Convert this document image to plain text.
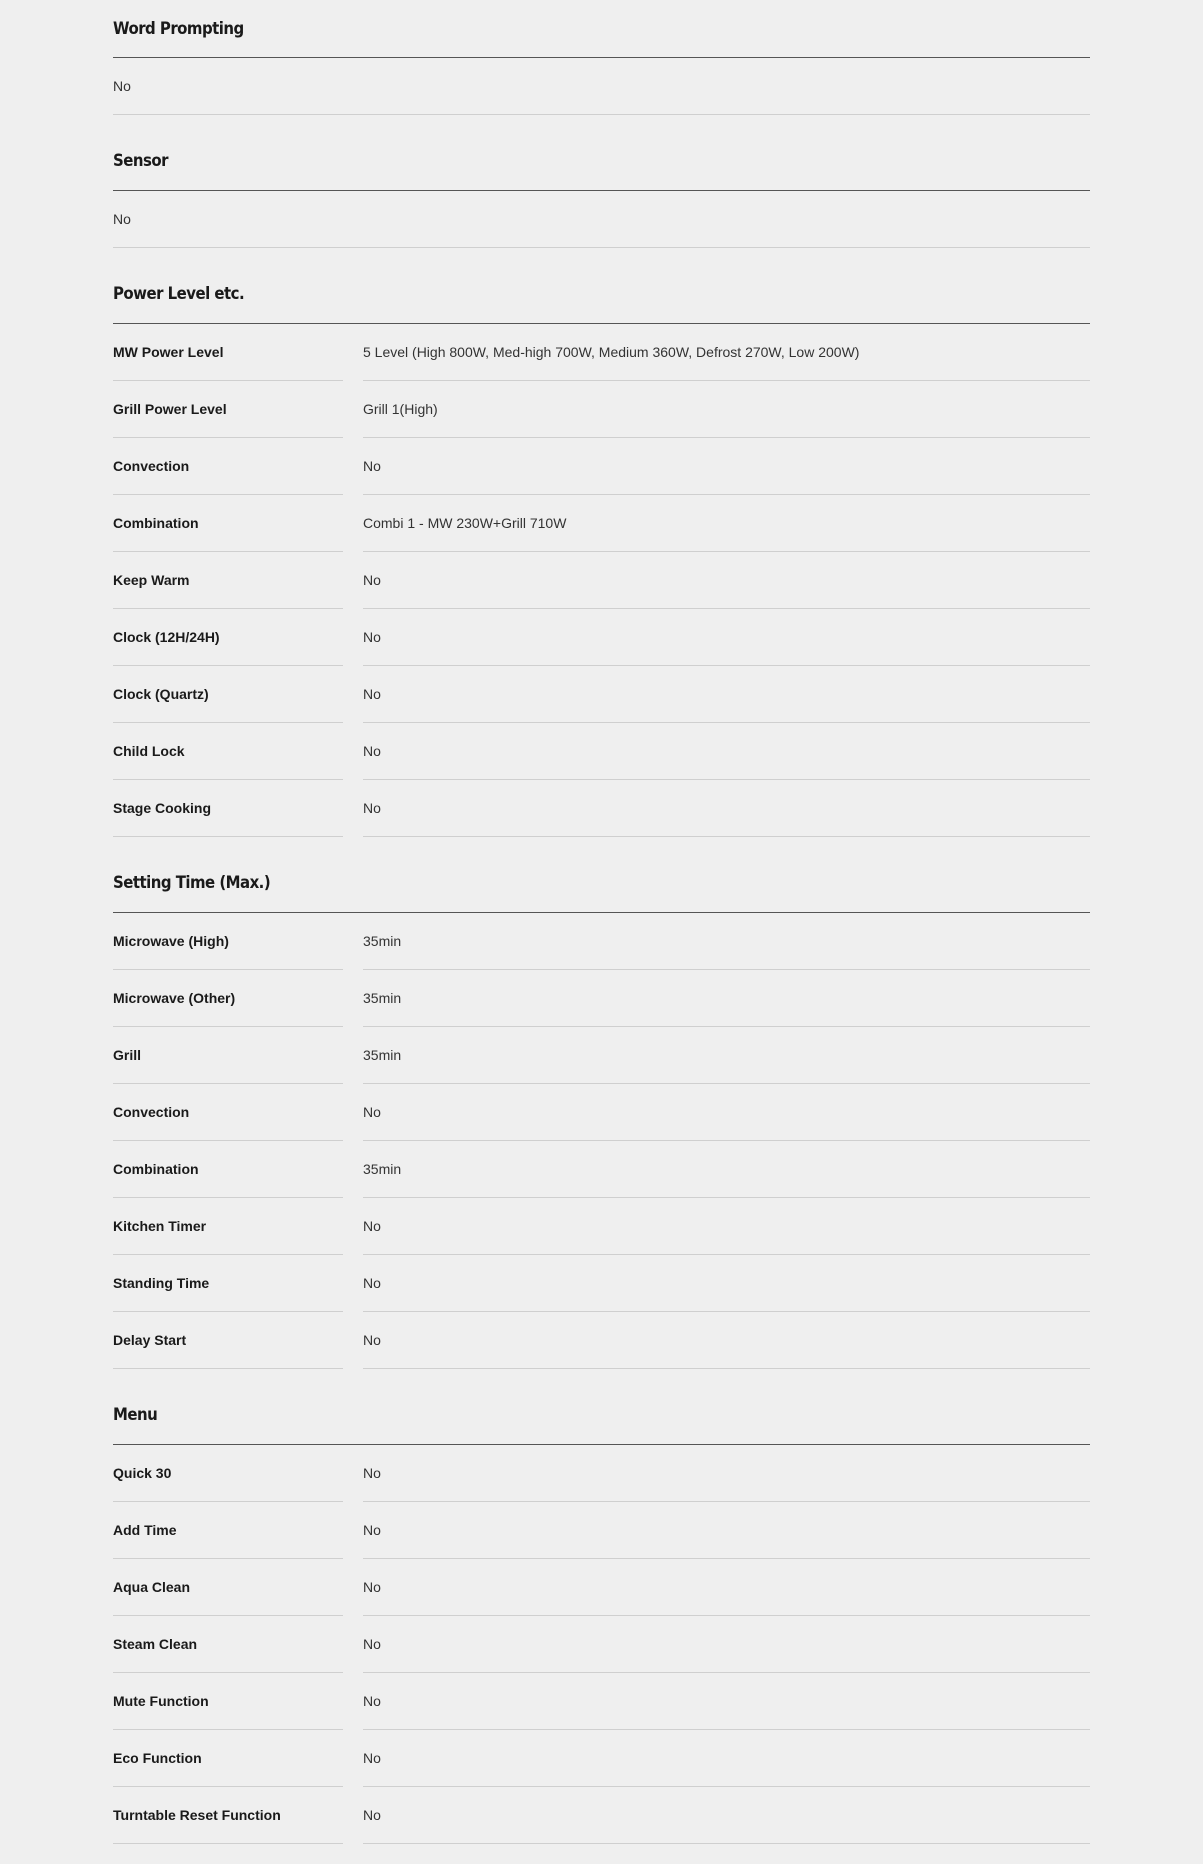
Word Prompting
No
Sensor
No
Power Level etc.
MW Power Level	5 Level (High 800W, Med-high 700W, Medium 360W, Defrost 270W, Low 200W)
Grill Power Level	Grill 1(High)
Convection	No
Combination	Combi 1 - MW 230W+Grill 710W
Keep Warm	No
Clock (12H/24H)	No
Clock (Quartz)	No
Child Lock	No
Stage Cooking	No
Setting Time (Max.)
Microwave (High)	35min
Microwave (Other)	35min
Grill	35min
Convection	No
Combination	35min
Kitchen Timer	No
Standing Time	No
Delay Start	No
Menu
Quick 30	No
Add Time	No
Aqua Clean	No
Steam Clean	No
Mute Function	No
Eco Function	No
Turntable Reset Function	No
